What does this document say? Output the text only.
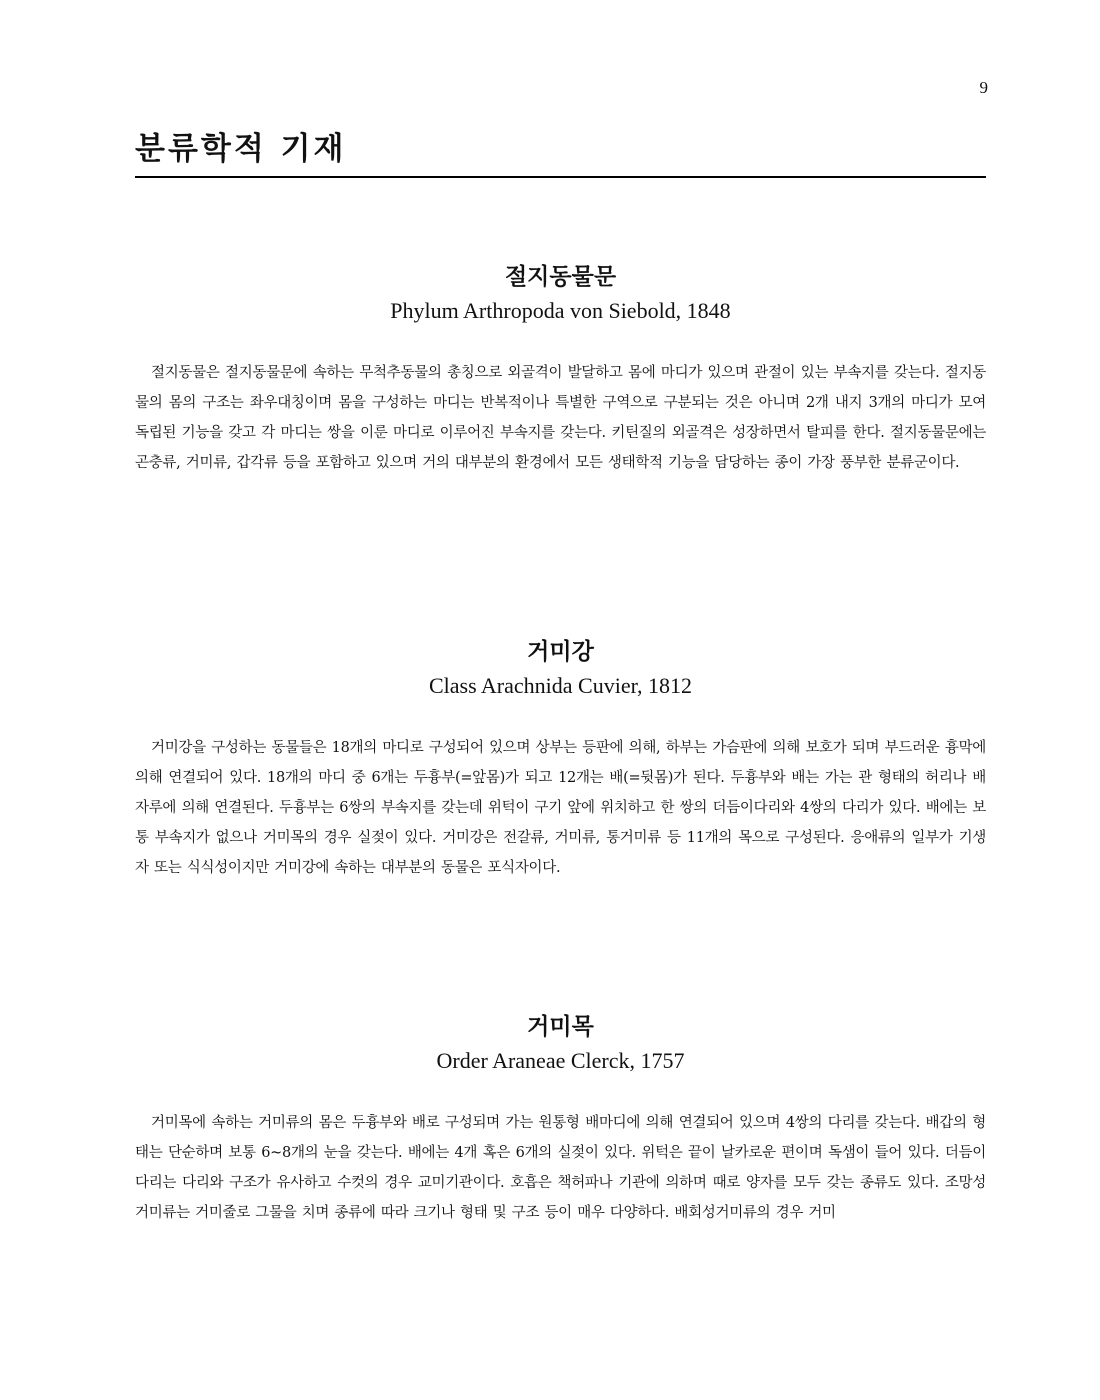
9
분류학적 기재
절지동물문

Phylum Arthropoda von Siebold, 1848

절지동물은 절지동물문에 속하는 무척추동물의 총칭으로 외골격이 발달하고 몸에 마디가 있으며 관절이 있는 부속지를 갖는다. 절지동물의 몸의 구조는 좌우대칭이며 몸을 구성하는 마디는 반복적이나 특별한 구역으로 구분되는 것은 아니며 2개 내지 3개의 마디가 모여 독립된 기능을 갖고 각 마디는 쌍을 이룬 마디로 이루어진 부속지를 갖는다. 키틴질의 외골격은 성장하면서 탈피를 한다. 절지동물문에는 곤충류, 거미류, 갑각류 등을 포함하고 있으며 거의 대부분의 환경에서 모든 생태학적 기능을 담당하는 종이 가장 풍부한 분류군이다.

거미강

Class Arachnida Cuvier, 1812

거미강을 구성하는 동물들은 18개의 마디로 구성되어 있으며 상부는 등판에 의해, 하부는 가슴판에 의해 보호가 되며 부드러운 흉막에 의해 연결되어 있다. 18개의 마디 중 6개는 두흉부(=앞몸)가 되고 12개는 배(=뒷몸)가 된다. 두흉부와 배는 가는 관 형태의 허리나 배자루에 의해 연결된다. 두흉부는 6쌍의 부속지를 갖는데 위턱이 구기 앞에 위치하고 한 쌍의 더듬이다리와 4쌍의 다리가 있다. 배에는 보통 부속지가 없으나 거미목의 경우 실젖이 있다. 거미강은 전갈류, 거미류, 통거미류 등 11개의 목으로 구성된다. 응애류의 일부가 기생자 또는 식식성이지만 거미강에 속하는 대부분의 동물은 포식자이다.

거미목

Order Araneae Clerck, 1757

거미목에 속하는 거미류의 몸은 두흉부와 배로 구성되며 가는 원통형 배마디에 의해 연결되어 있으며 4쌍의 다리를 갖는다. 배갑의 형태는 단순하며 보통 6~8개의 눈을 갖는다. 배에는 4개 혹은 6개의 실젖이 있다. 위턱은 끝이 날카로운 편이며 독샘이 들어 있다. 더듬이다리는 다리와 구조가 유사하고 수컷의 경우 교미기관이다. 호흡은 책허파나 기관에 의하며 때로 양자를 모두 갖는 종류도 있다. 조망성거미류는 거미줄로 그물을 치며 종류에 따라 크기나 형태 및 구조 등이 매우 다양하다. 배회성거미류의 경우 거미
